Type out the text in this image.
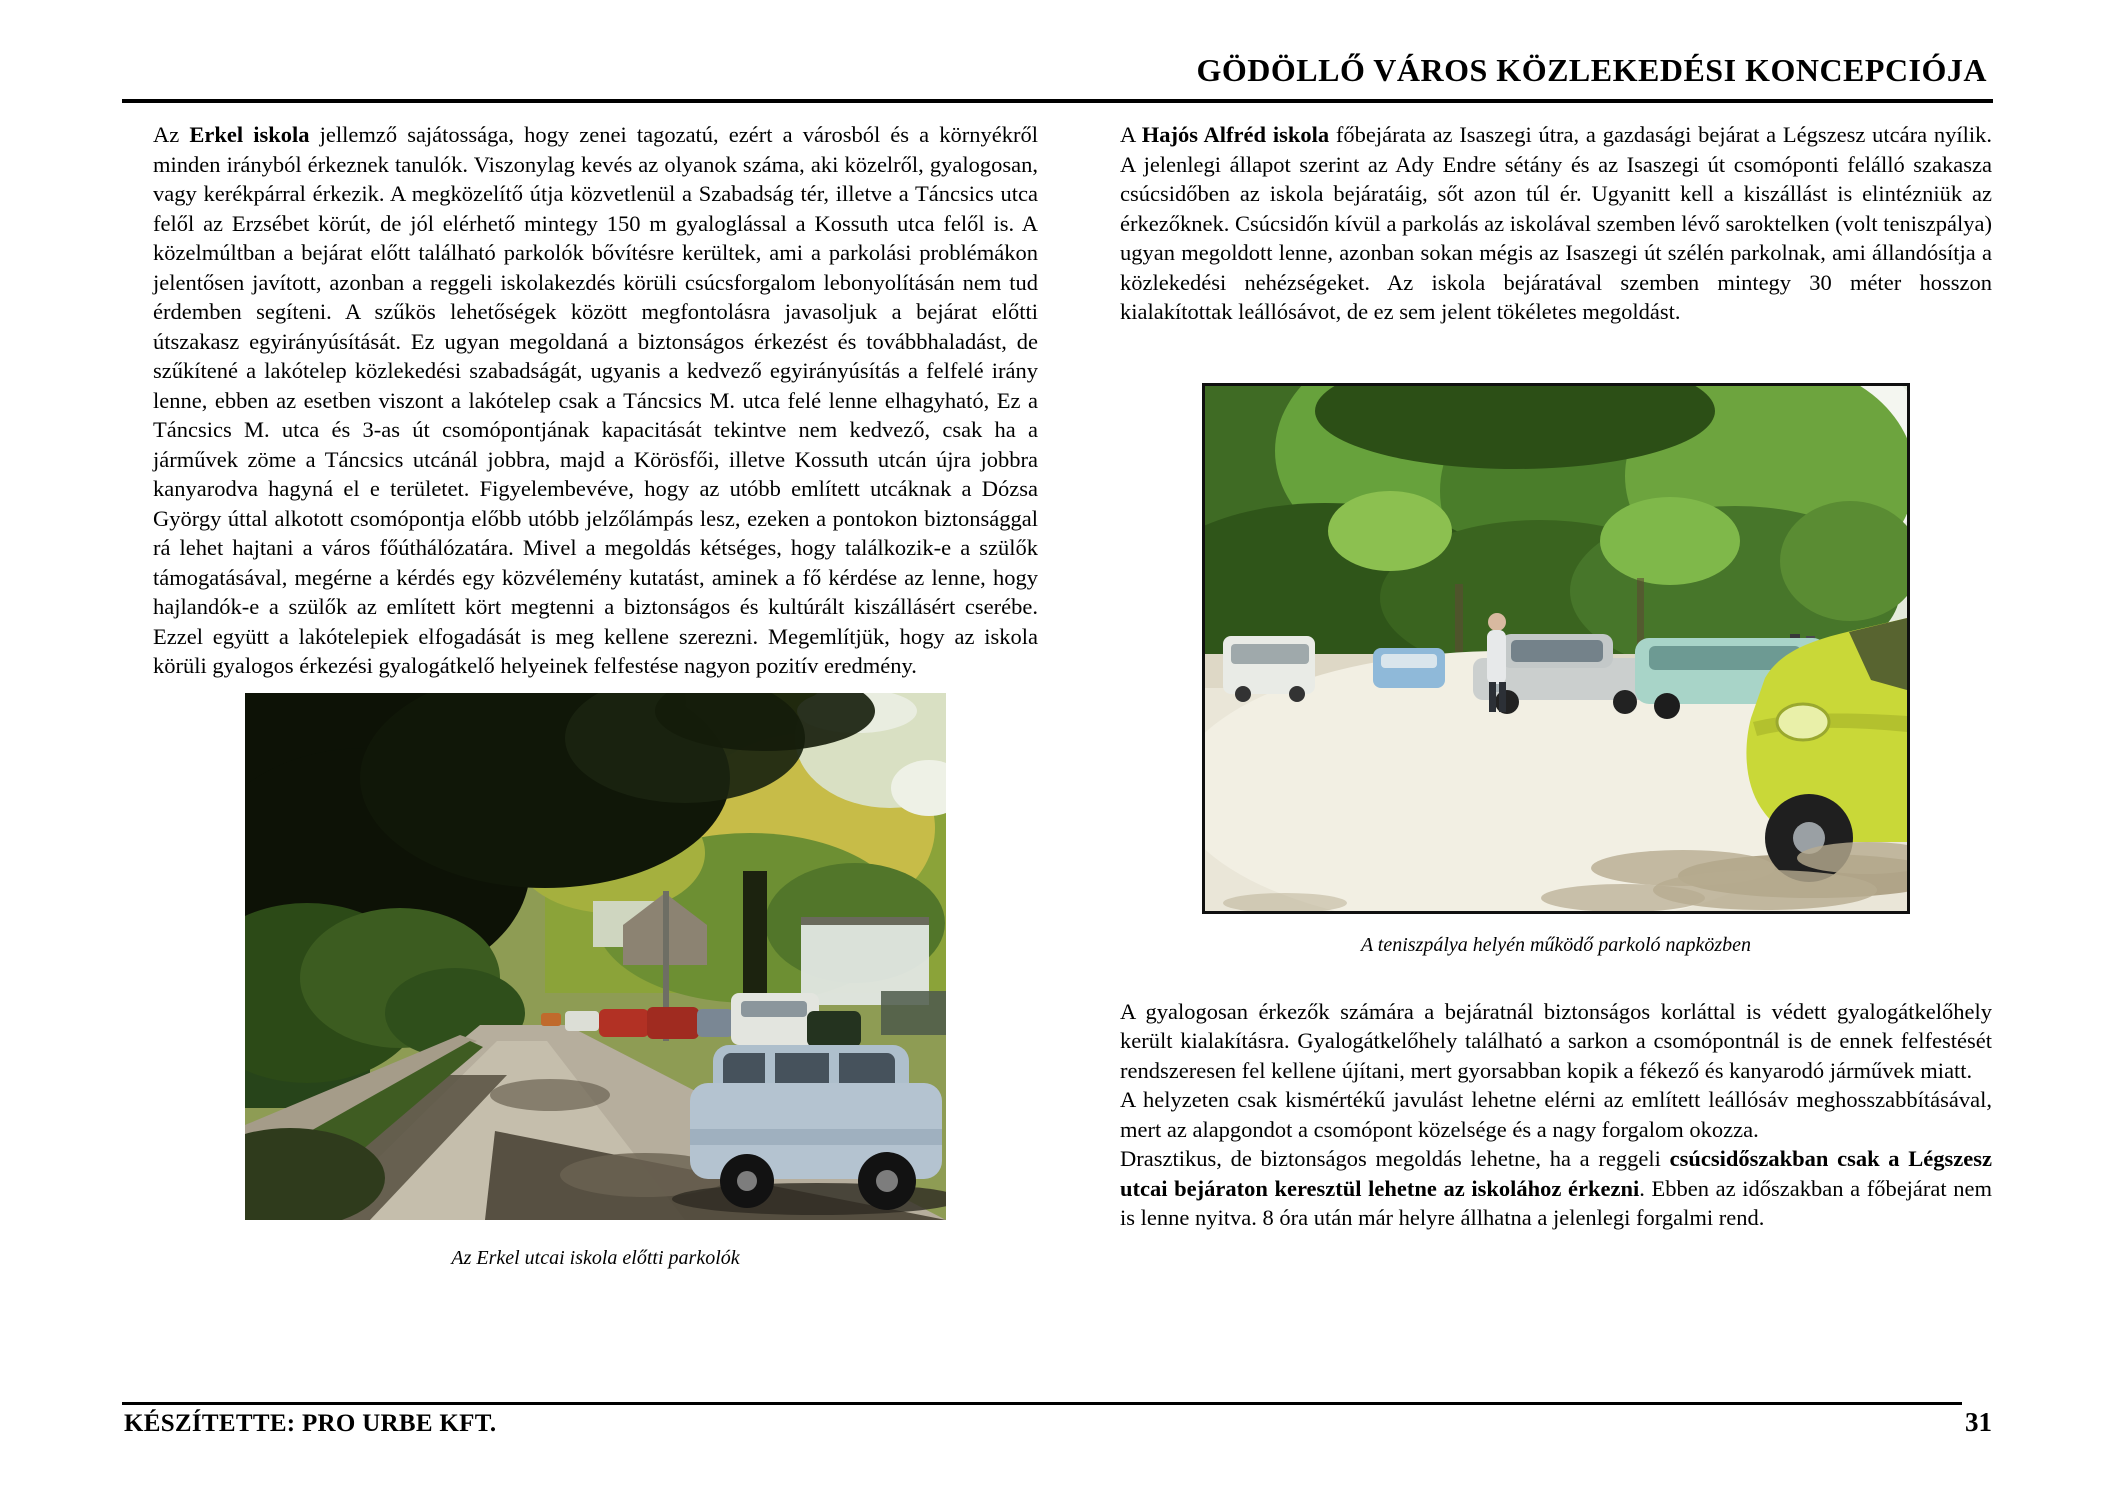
GÖDÖLLŐ VÁROS KÖZLEKEDÉSI KONCEPCIÓJA

Az Erkel iskola jellemző sajátossága, hogy zenei tagozatú, ezért a városból és a környékről minden irányból érkeznek tanulók. Viszonylag kevés az olyanok száma, aki közelről, gyalogosan, vagy kerékpárral érkezik. A megközelítő útja közvetlenül a Szabadság tér, illetve a Táncsics utca felől az Erzsébet körút, de jól elérhető mintegy 150 m gyaloglással a Kossuth utca felől is. A közelmúltban a bejárat előtt található parkolók bővítésre kerültek, ami a parkolási problémákon jelentősen javított, azonban a reggeli iskolakezdés körüli csúcsforgalom lebonyolításán nem tud érdemben segíteni. A szűkös lehetőségek között megfontolásra javasoljuk a bejárat előtti útszakasz egyirányúsítását. Ez ugyan megoldaná a biztonságos érkezést és továbbhaladást, de szűkítené a lakótelep közlekedési szabadságát, ugyanis a kedvező egyirányúsítás a felfelé irány lenne, ebben az esetben viszont a lakótelep csak a Táncsics M. utca felé lenne elhagyható, Ez a Táncsics M. utca és 3-as út csomópontjának kapacitását tekintve nem kedvező, csak ha a járművek zöme a Táncsics utcánál jobbra, majd a Körösfői, illetve Kossuth utcán újra jobbra kanyarodva hagyná el e területet. Figyelembevéve, hogy az utóbb említett utcáknak a Dózsa György úttal alkotott csomópontja előbb utóbb jelzőlámpás lesz, ezeken a pontokon biztonsággal rá lehet hajtani a város főúthálózatára. Mivel a megoldás kétséges, hogy találkozik-e a szülők támogatásával, megérne a kérdés egy közvélemény kutatást, aminek a fő kérdése az lenne, hogy hajlandók-e a szülők az említett kört megtenni a biztonságos és kultúrált kiszállásért cserébe. Ezzel együtt a lakótelepiek elfogadását is meg kellene szerezni. Megemlítjük, hogy az iskola körüli gyalogos érkezési gyalogátkelő helyeinek felfestése nagyon pozitív eredmény.

Az Erkel utcai iskola előtti parkolók

A Hajós Alfréd iskola főbejárata az Isaszegi útra, a gazdasági bejárat a Légszesz utcára nyílik. A jelenlegi állapot szerint az Ady Endre sétány és az Isaszegi út csomóponti felálló szakasza csúcsidőben az iskola bejáratáig, sőt azon túl ér. Ugyanitt kell a kiszállást is elintézniük az érkezőknek. Csúcsidőn kívül a parkolás az iskolával szemben lévő saroktelken (volt teniszpálya) ugyan megoldott lenne, azonban sokan mégis az Isaszegi út szélén parkolnak, ami állandósítja a közlekedési nehézségeket. Az iskola bejáratával szemben mintegy 30 méter hosszon kialakítottak leállósávot, de ez sem jelent tökéletes megoldást.

A teniszpálya helyén működő parkoló napközben

A gyalogosan érkezők számára a bejáratnál biztonságos korláttal is védett gyalogátkelőhely került kialakításra. Gyalogátkelőhely található a sarkon a csomópontnál is de ennek felfestését rendszeresen fel kellene újítani, mert gyorsabban kopik a fékező és kanyarodó járművek miatt.

A helyzeten csak kismértékű javulást lehetne elérni az említett leállósáv meghosszabbításával, mert az alapgondot a csomópont közelsége és a nagy forgalom okozza.

Drasztikus, de biztonságos megoldás lehetne, ha a reggeli csúcsidőszakban csak a Légszesz utcai bejáraton keresztül lehetne az iskolához érkezni. Ebben az időszakban a főbejárat nem is lenne nyitva. 8 óra után már helyre állhatna a jelenlegi forgalmi rend.

KÉSZÍTETTE: PRO URBE KFT.	31
